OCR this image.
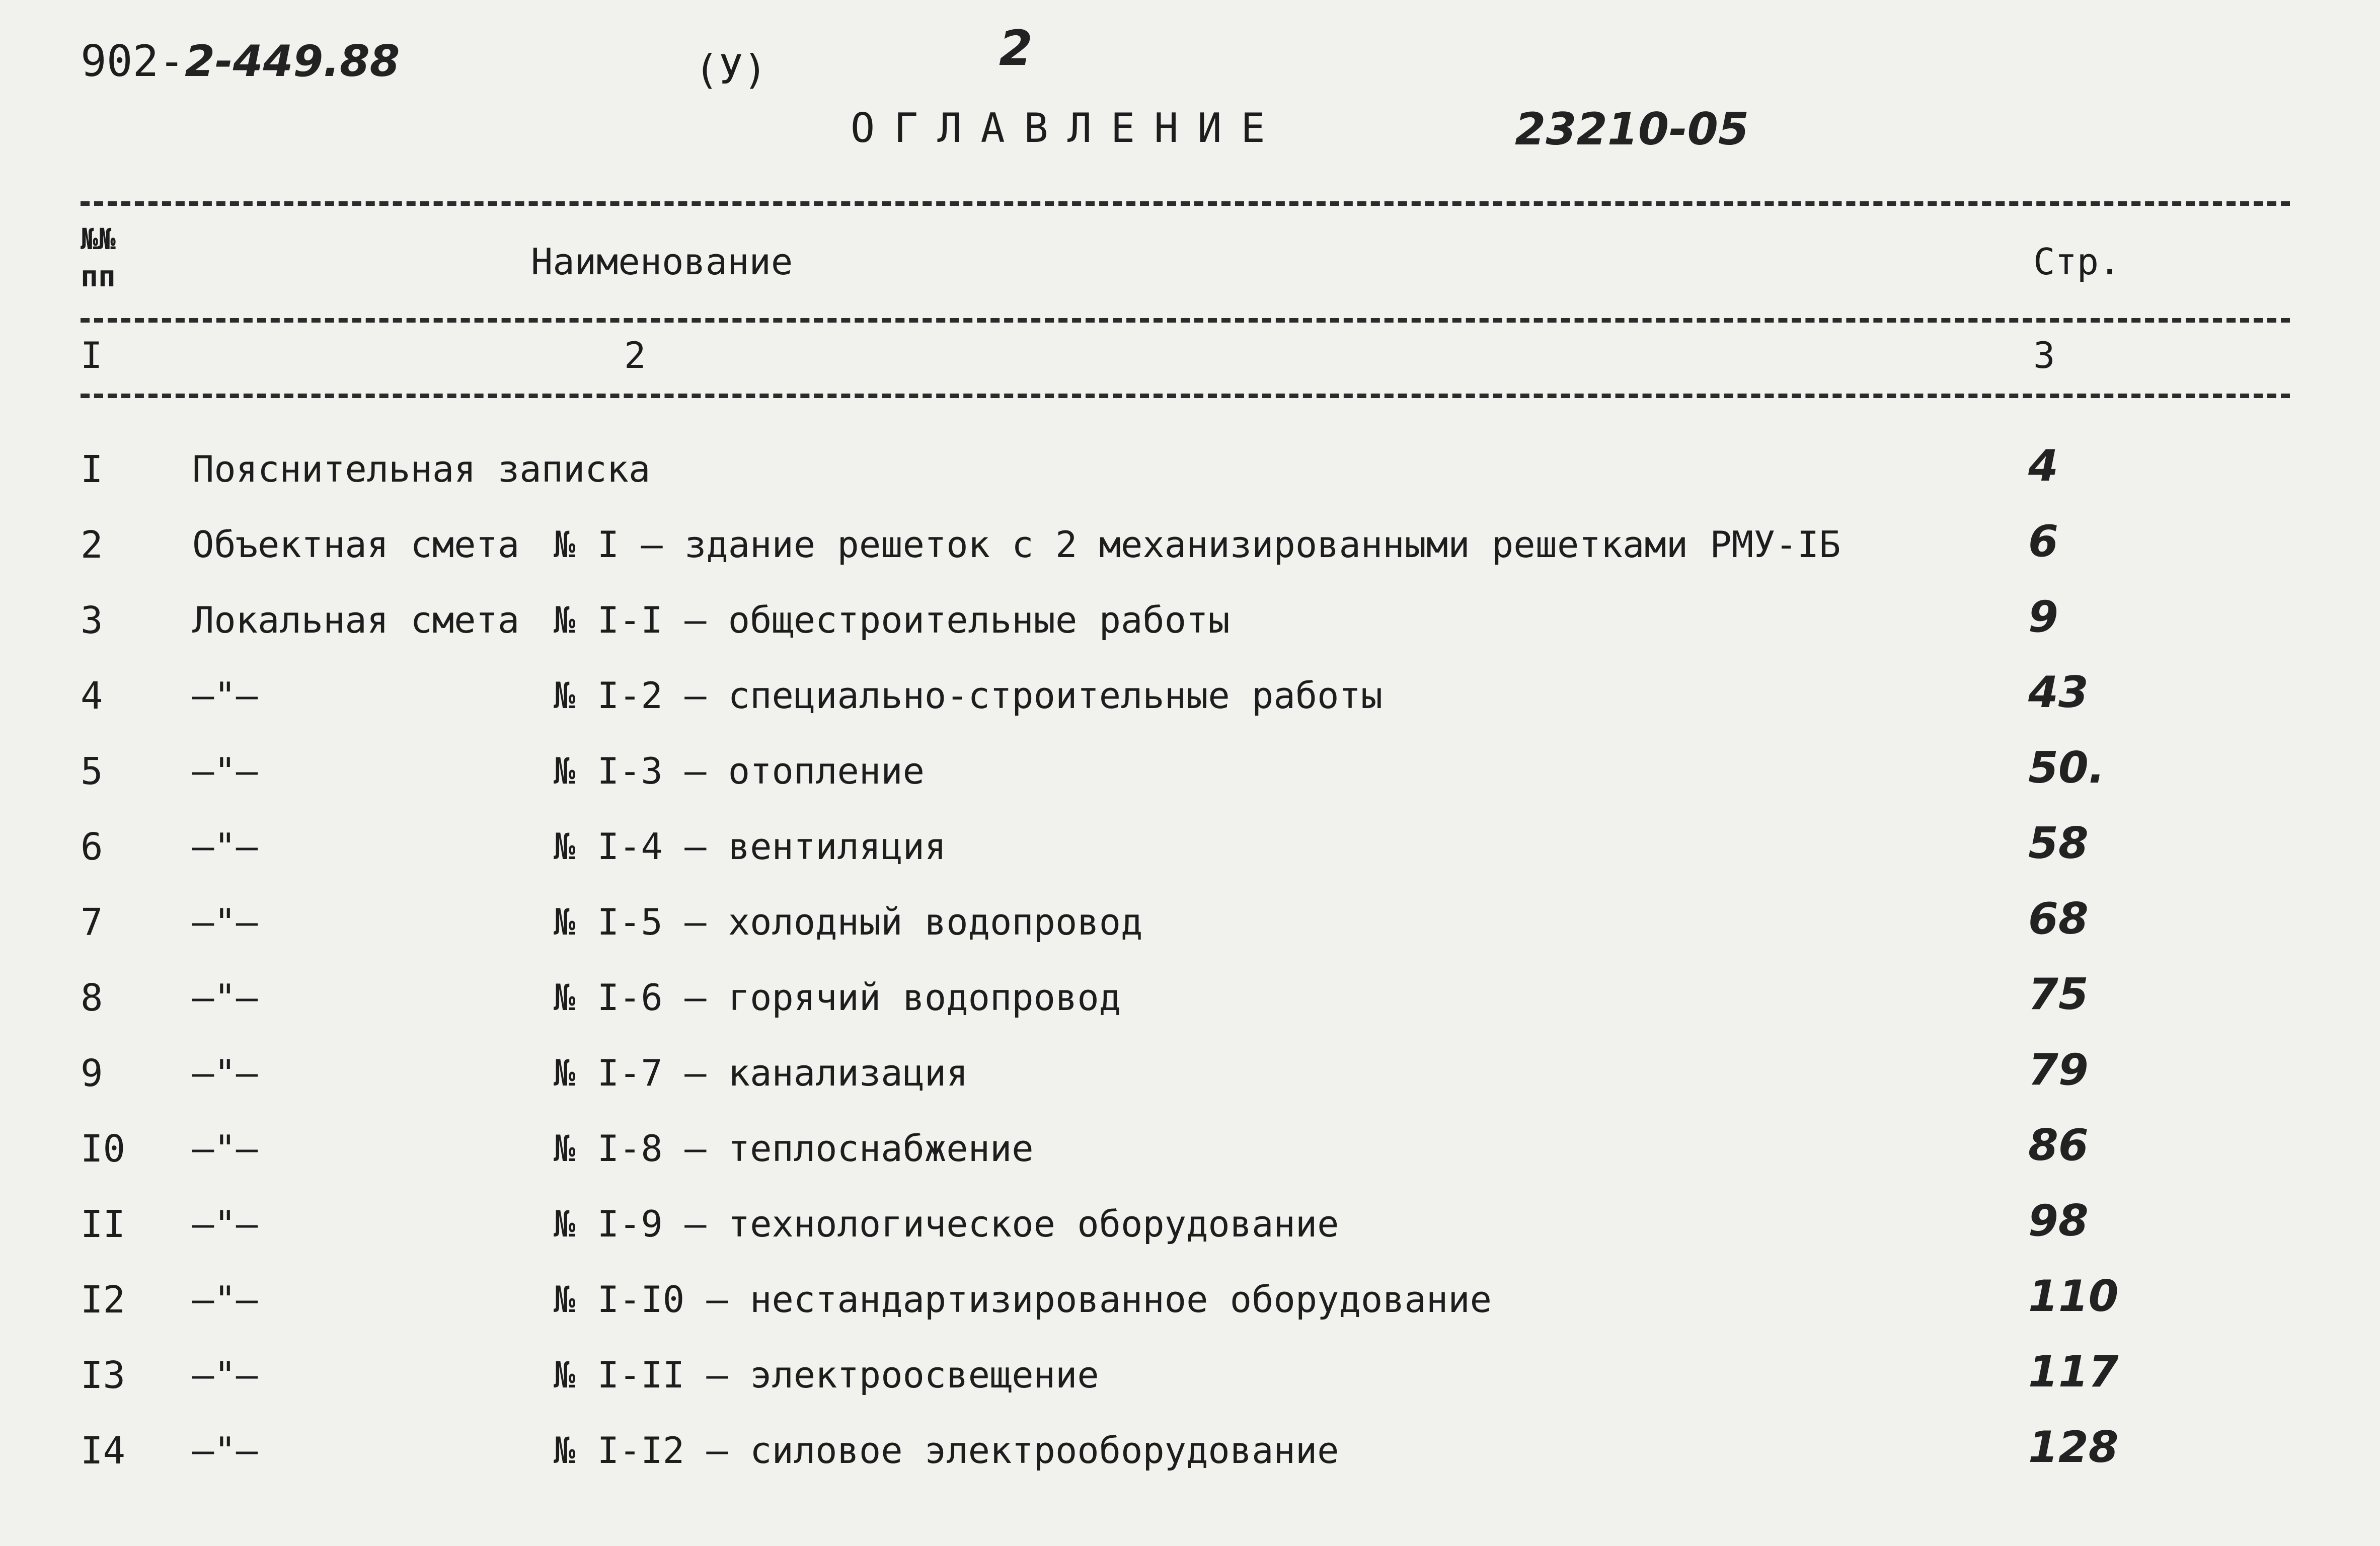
902-2-449.88	(У)	2
ОГЛАВЛЕНИЕ	23210-05
№№
пп	Наименование	Стр.
I	2	3
I Пояснительная записка	4
2 Объектная смета № I – здание решеток с 2 механизированными решетками РМУ-IБ	6
3 Локальная смета № I-I – общестроительные работы	9
4 –"–	№ I-2 – специально-строительные работы	43
5 –"–	№ I-3 – отопление	50.
6 –"–	№ I-4 – вентиляция	58
7 –"–	№ I-5 – холодный водопровод	68
8 –"–	№ I-6 – горячий водопровод	75
9 –"–	№ I-7 – канализация	79
I0 –"–	№ I-8 – теплоснабжение	86
II –"–	№ I-9 – технологическое оборудование	98
I2 –"–	№ I-I0 – нестандартизированное оборудование	110
I3 –"–	№ I-II – электроосвещение	117
I4 –"–	№ I-I2 – силовое электрооборудование	128
